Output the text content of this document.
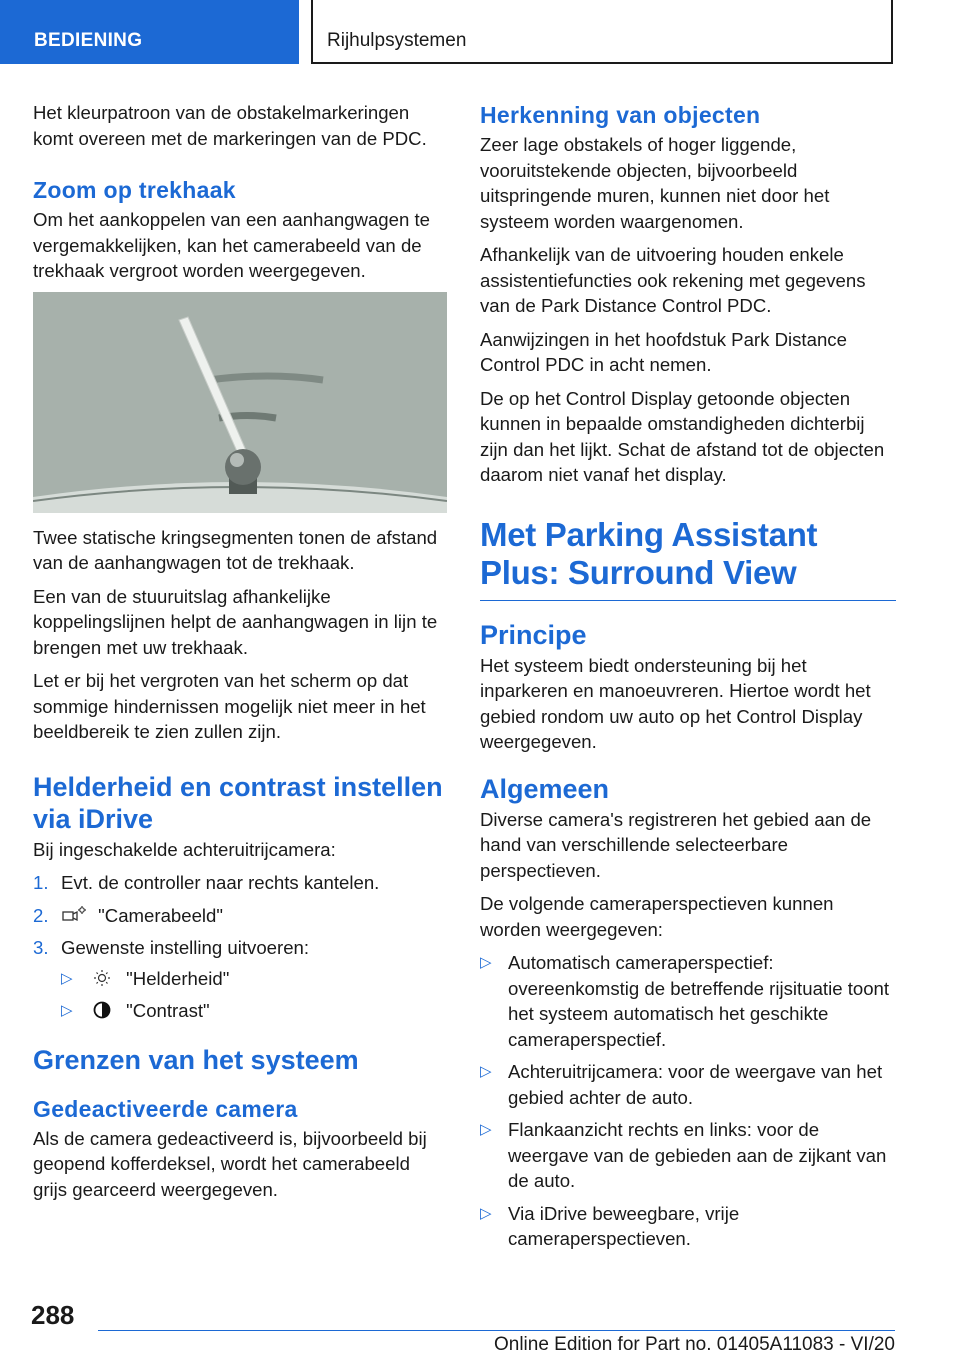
BEDIENING	Rijhulpsystemen

Het kleurpatroon van de obstakelmarkeringen komt overeen met de markeringen van de PDC.

Zoom op trekhaak

Om het aankoppelen van een aanhangwagen te vergemakkelijken, kan het camerabeeld van de trekhaak vergroot worden weergegeven.

Twee statische kringsegmenten tonen de afstand van de aanhangwagen tot de trekhaak.

Een van de stuuruitslag afhankelijke koppelingslijnen helpt de aanhangwagen in lijn te brengen met uw trekhaak.

Let er bij het vergroten van het scherm op dat sommige hindernissen mogelijk niet meer in het beeldbereik te zien zullen zijn.

Helderheid en contrast instellen via iDrive

Bij ingeschakelde achteruitrijcamera:

1. Evt. de controller naar rechts kantelen.
2.	"Camerabeeld"
3. Gewenste instelling uitvoeren:
▷	"Helderheid"
▷	"Contrast"
Grenzen van het systeem
Gedeactiveerde camera

Als de camera gedeactiveerd is, bijvoorbeeld bij geopend kofferdeksel, wordt het camerabeeld grijs gearceerd weergegeven.

Herkenning van objecten

Zeer lage obstakels of hoger liggende, vooruitstekende objecten, bijvoorbeeld uitspringende muren, kunnen niet door het systeem worden waargenomen.

Afhankelijk van de uitvoering houden enkele assistentiefuncties ook rekening met gegevens van de Park Distance Control PDC.

Aanwijzingen in het hoofdstuk Park Distance Control PDC in acht nemen.

De op het Control Display getoonde objecten kunnen in bepaalde omstandigheden dichterbij zijn dan het lijkt. Schat de afstand tot de objecten daarom niet vanaf het display.

Met Parking Assistant Plus: Surround View
Principe

Het systeem biedt ondersteuning bij het inparkeren en manoeuvreren. Hiertoe wordt het gebied rondom uw auto op het Control Display weergegeven.

Algemeen

Diverse camera's registreren het gebied aan de hand van verschillende selecteerbare perspectieven.

De volgende cameraperspectieven kunnen worden weergegeven:

▷ Automatisch cameraperspectief: overeenkomstig de betreffende rijsituatie toont het systeem automatisch het geschikte cameraperspectief.
▷ Achteruitrijcamera: voor de weergave van het gebied achter de auto.
▷ Flankaanzicht rechts en links: voor de weergave van de gebieden aan de zijkant van de auto.
▷ Via iDrive beweegbare, vrije cameraperspectieven.
288
Online Edition for Part no. 01405A11083 - VI/20
